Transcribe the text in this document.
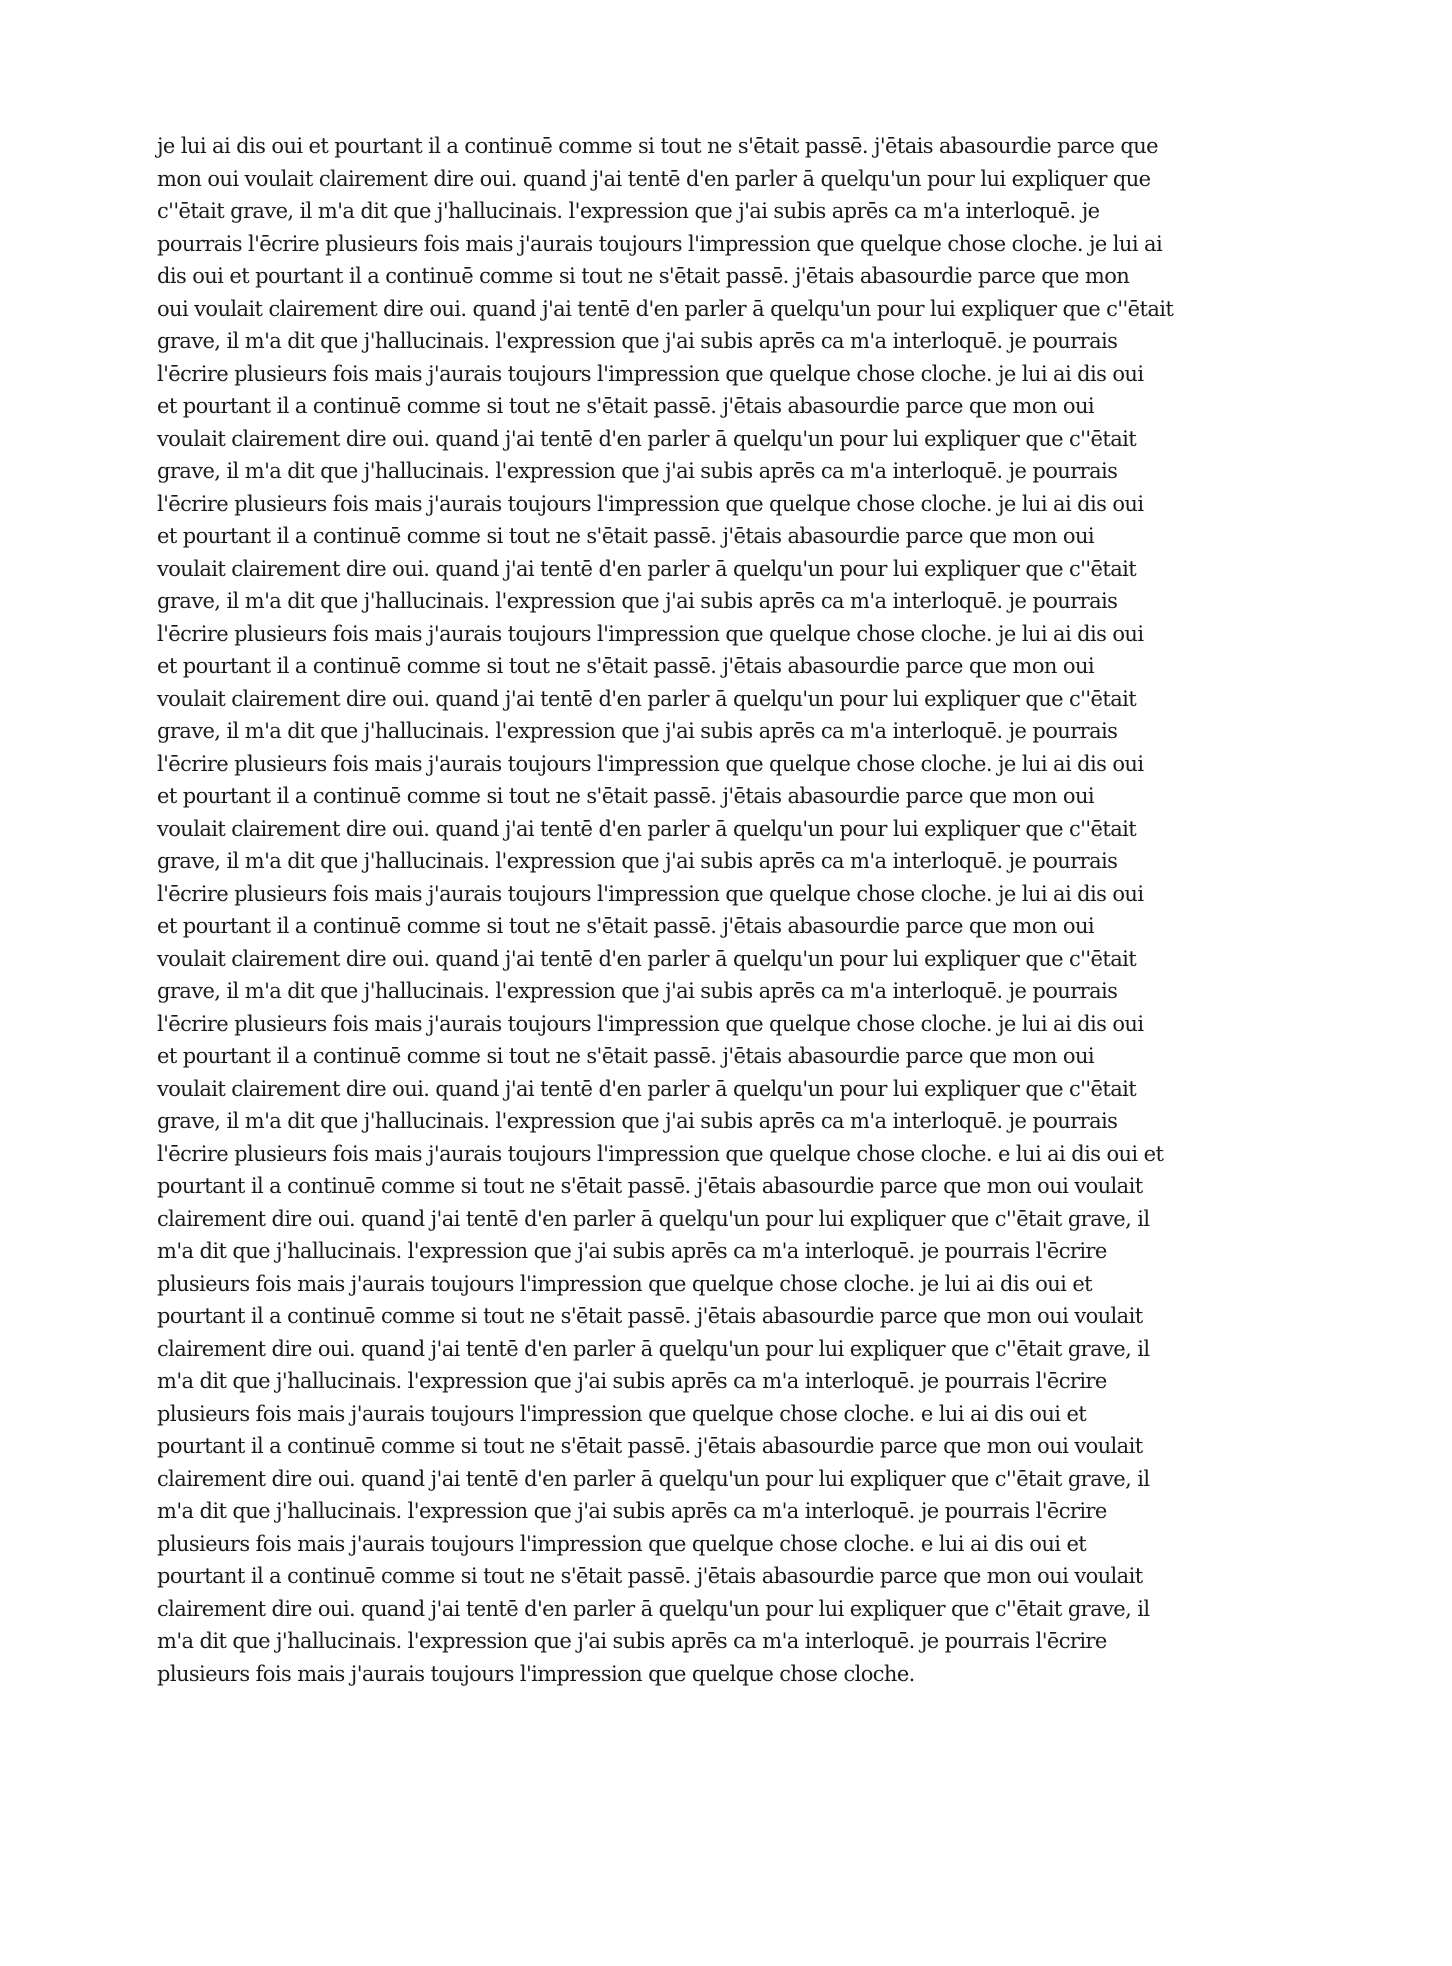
je lui ai dis oui et pourtant il a continuē comme si tout ne s'ētait passē. j'ētais abasourdie parce que
mon oui voulait clairement dire oui. quand j'ai tentē d'en parler ā quelqu'un pour lui expliquer que
c''ētait grave, il m'a dit que j'hallucinais. l'expression que j'ai subis aprēs ca m'a interloquē. je
pourrais l'ēcrire plusieurs fois mais j'aurais toujours l'impression que quelque chose cloche. je lui ai
dis oui et pourtant il a continuē comme si tout ne s'ētait passē. j'ētais abasourdie parce que mon
oui voulait clairement dire oui. quand j'ai tentē d'en parler ā quelqu'un pour lui expliquer que c''ētait
grave, il m'a dit que j'hallucinais. l'expression que j'ai subis aprēs ca m'a interloquē. je pourrais
l'ēcrire plusieurs fois mais j'aurais toujours l'impression que quelque chose cloche. je lui ai dis oui
et pourtant il a continuē comme si tout ne s'ētait passē. j'ētais abasourdie parce que mon oui
voulait clairement dire oui. quand j'ai tentē d'en parler ā quelqu'un pour lui expliquer que c''ētait
grave, il m'a dit que j'hallucinais. l'expression que j'ai subis aprēs ca m'a interloquē. je pourrais
l'ēcrire plusieurs fois mais j'aurais toujours l'impression que quelque chose cloche. je lui ai dis oui
et pourtant il a continuē comme si tout ne s'ētait passē. j'ētais abasourdie parce que mon oui
voulait clairement dire oui. quand j'ai tentē d'en parler ā quelqu'un pour lui expliquer que c''ētait
grave, il m'a dit que j'hallucinais. l'expression que j'ai subis aprēs ca m'a interloquē. je pourrais
l'ēcrire plusieurs fois mais j'aurais toujours l'impression que quelque chose cloche. je lui ai dis oui
et pourtant il a continuē comme si tout ne s'ētait passē. j'ētais abasourdie parce que mon oui
voulait clairement dire oui. quand j'ai tentē d'en parler ā quelqu'un pour lui expliquer que c''ētait
grave, il m'a dit que j'hallucinais. l'expression que j'ai subis aprēs ca m'a interloquē. je pourrais
l'ēcrire plusieurs fois mais j'aurais toujours l'impression que quelque chose cloche. je lui ai dis oui
et pourtant il a continuē comme si tout ne s'ētait passē. j'ētais abasourdie parce que mon oui
voulait clairement dire oui. quand j'ai tentē d'en parler ā quelqu'un pour lui expliquer que c''ētait
grave, il m'a dit que j'hallucinais. l'expression que j'ai subis aprēs ca m'a interloquē. je pourrais
l'ēcrire plusieurs fois mais j'aurais toujours l'impression que quelque chose cloche. je lui ai dis oui
et pourtant il a continuē comme si tout ne s'ētait passē. j'ētais abasourdie parce que mon oui
voulait clairement dire oui. quand j'ai tentē d'en parler ā quelqu'un pour lui expliquer que c''ētait
grave, il m'a dit que j'hallucinais. l'expression que j'ai subis aprēs ca m'a interloquē. je pourrais
l'ēcrire plusieurs fois mais j'aurais toujours l'impression que quelque chose cloche. je lui ai dis oui
et pourtant il a continuē comme si tout ne s'ētait passē. j'ētais abasourdie parce que mon oui
voulait clairement dire oui. quand j'ai tentē d'en parler ā quelqu'un pour lui expliquer que c''ētait
grave, il m'a dit que j'hallucinais. l'expression que j'ai subis aprēs ca m'a interloquē. je pourrais
l'ēcrire plusieurs fois mais j'aurais toujours l'impression que quelque chose cloche. e lui ai dis oui et
pourtant il a continuē comme si tout ne s'ētait passē. j'ētais abasourdie parce que mon oui voulait
clairement dire oui. quand j'ai tentē d'en parler ā quelqu'un pour lui expliquer que c''ētait grave, il
m'a dit que j'hallucinais. l'expression que j'ai subis aprēs ca m'a interloquē. je pourrais l'ēcrire
plusieurs fois mais j'aurais toujours l'impression que quelque chose cloche. je lui ai dis oui et
pourtant il a continuē comme si tout ne s'ētait passē. j'ētais abasourdie parce que mon oui voulait
clairement dire oui. quand j'ai tentē d'en parler ā quelqu'un pour lui expliquer que c''ētait grave, il
m'a dit que j'hallucinais. l'expression que j'ai subis aprēs ca m'a interloquē. je pourrais l'ēcrire
plusieurs fois mais j'aurais toujours l'impression que quelque chose cloche. e lui ai dis oui et
pourtant il a continuē comme si tout ne s'ētait passē. j'ētais abasourdie parce que mon oui voulait
clairement dire oui. quand j'ai tentē d'en parler ā quelqu'un pour lui expliquer que c''ētait grave, il
m'a dit que j'hallucinais. l'expression que j'ai subis aprēs ca m'a interloquē. je pourrais l'ēcrire
plusieurs fois mais j'aurais toujours l'impression que quelque chose cloche. e lui ai dis oui et
pourtant il a continuē comme si tout ne s'ētait passē. j'ētais abasourdie parce que mon oui voulait
clairement dire oui. quand j'ai tentē d'en parler ā quelqu'un pour lui expliquer que c''ētait grave, il
m'a dit que j'hallucinais. l'expression que j'ai subis aprēs ca m'a interloquē. je pourrais l'ēcrire
plusieurs fois mais j'aurais toujours l'impression que quelque chose cloche.
